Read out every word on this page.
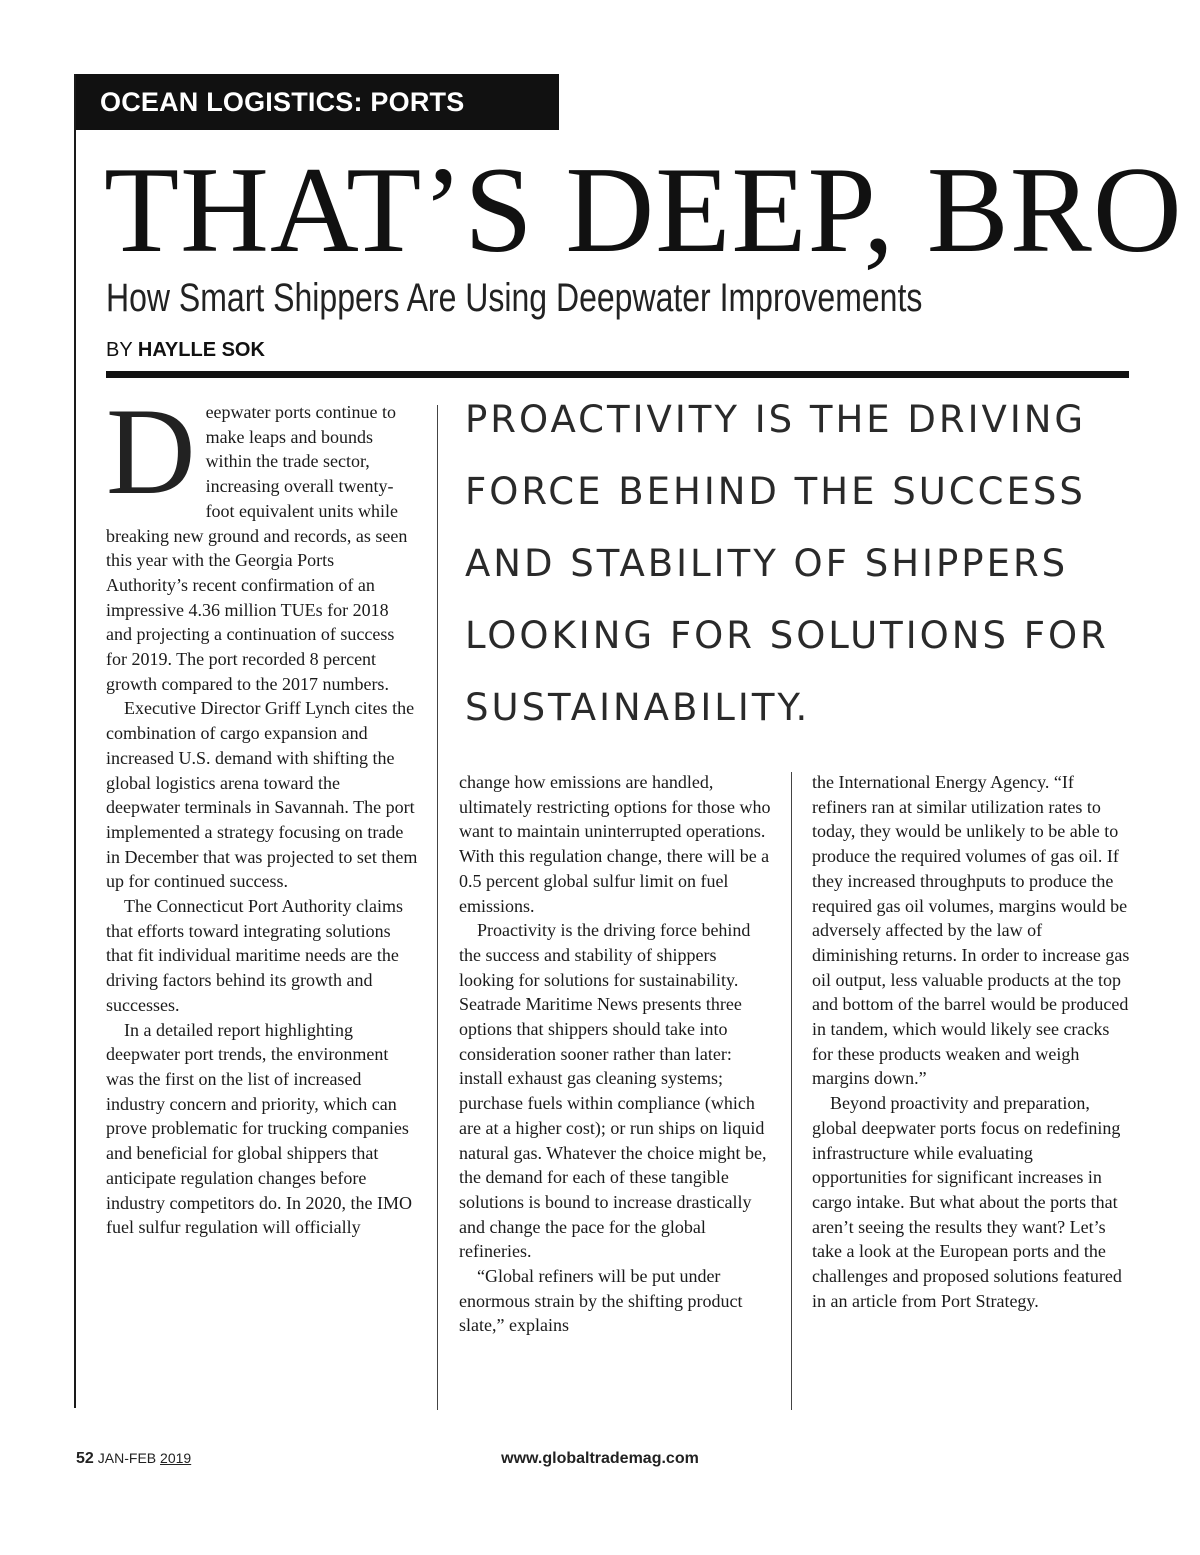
OCEAN LOGISTICS: PORTS
THAT’S DEEP, BRO
How Smart Shippers Are Using Deepwater Improvements
BY HAYLLE SOK

Deepwater ports continue to make leaps and bounds within the trade sector, increasing overall twenty-foot equivalent units while breaking new ground and records, as seen this year with the Georgia Ports Authority’s recent confirmation of an impressive 4.36 million TUEs for 2018 and projecting a continuation of success for 2019. The port recorded 8 percent growth compared to the 2017 numbers.

Executive Director Griff Lynch cites the combination of cargo expansion and increased U.S. demand with shifting the global logistics arena toward the deepwater terminals in Savannah. The port implemented a strategy focusing on trade in December that was projected to set them up for continued success.

The Connecticut Port Authority claims that efforts toward integrating solutions that fit individual maritime needs are the driving factors behind its growth and successes.

In a detailed report highlighting deepwater port trends, the environment was the first on the list of increased industry concern and priority, which can prove problematic for trucking companies and beneficial for global shippers that anticipate regulation changes before industry competitors do. In 2020, the IMO fuel sulfur regulation will officially

PROACTIVITY IS THE DRIVING FORCE BEHIND THE SUCCESS AND STABILITY OF SHIPPERS LOOKING FOR SOLUTIONS FOR SUSTAINABILITY.

change how emissions are handled, ultimately restricting options for those who want to maintain uninterrupted operations. With this regulation change, there will be a 0.5 percent global sulfur limit on fuel emissions.

Proactivity is the driving force behind the success and stability of shippers looking for solutions for sustainability. Seatrade Maritime News presents three options that shippers should take into consideration sooner rather than later: install exhaust gas cleaning systems; purchase fuels within compliance (which are at a higher cost); or run ships on liquid natural gas. Whatever the choice might be, the demand for each of these tangible solutions is bound to increase drastically and change the pace for the global refineries.

“Global refiners will be put under enormous strain by the shifting product slate,” explains

the International Energy Agency. “If refiners ran at similar utilization rates to today, they would be unlikely to be able to produce the required volumes of gas oil. If they increased throughputs to produce the required gas oil volumes, margins would be adversely affected by the law of diminishing returns. In order to increase gas oil output, less valuable products at the top and bottom of the barrel would be produced in tandem, which would likely see cracks for these products weaken and weigh margins down.”

Beyond proactivity and preparation, global deepwater ports focus on redefining infrastructure while evaluating opportunities for significant increases in cargo intake. But what about the ports that aren’t seeing the results they want? Let’s take a look at the European ports and the challenges and proposed solutions featured in an article from Port Strategy.

52 JAN-FEB 2019	www.globaltrademag.com
